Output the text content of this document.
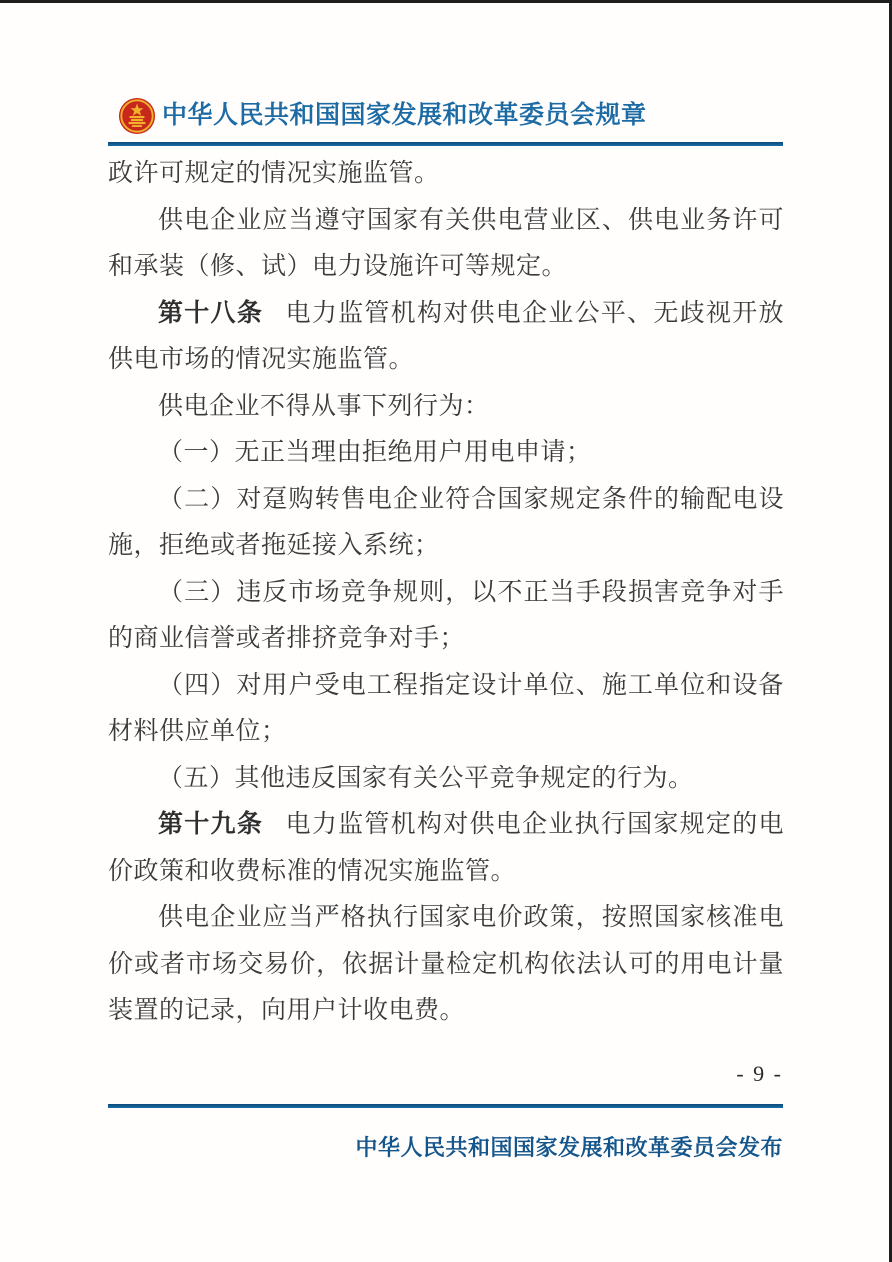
中华人民共和国国家发展和改革委员会规章

政许可规定的情况实施监管。

供电企业应当遵守国家有关供电营业区、供电业务许可和承装（修、试）电力设施许可等规定。

第十八条 电力监管机构对供电企业公平、无歧视开放供电市场的情况实施监管。

供电企业不得从事下列行为：

（一）无正当理由拒绝用户用电申请；

（二）对趸购转售电企业符合国家规定条件的输配电设施，拒绝或者拖延接入系统；

（三）违反市场竞争规则，以不正当手段损害竞争对手的商业信誉或者排挤竞争对手；

（四）对用户受电工程指定设计单位、施工单位和设备材料供应单位；

（五）其他违反国家有关公平竞争规定的行为。

第十九条 电力监管机构对供电企业执行国家规定的电价政策和收费标准的情况实施监管。

供电企业应当严格执行国家电价政策，按照国家核准电价或者市场交易价，依据计量检定机构依法认可的用电计量装置的记录，向用户计收电费。

- 9 -
中华人民共和国国家发展和改革委员会发布
